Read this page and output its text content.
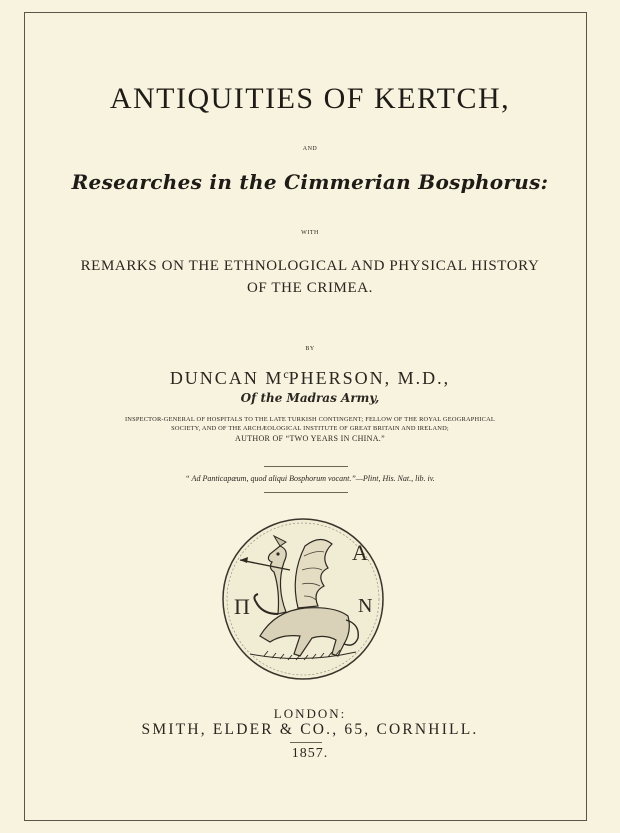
ANTIQUITIES OF KERTCH,
AND
Researches in the Cimmerian Bosphorus:
WITH
REMARKS ON THE ETHNOLOGICAL AND PHYSICAL HISTORY
OF THE CRIMEA.
BY
DUNCAN $M^cPHERSON$, M.D.,
Of the Madras Army,
INSPECTOR-GENERAL OF HOSPITALS TO THE LATE TURKISH CONTINGENT; FELLOW OF THE ROYAL GEOGRAPHICAL
SOCIETY, AND OF THE ARCHÆOLOGICAL INSTITUTE OF GREAT BRITAIN AND IRELAND;
AUTHOR OF “TWO YEARS IN CHINA.”
“ Ad Panticapæum, quod aliqui Bosphorum vocant.”—Plint, His. Nat., lib. iv.
П
А
N
LONDON:
SMITH, ELDER & CO., 65, CORNHILL.
1857.
